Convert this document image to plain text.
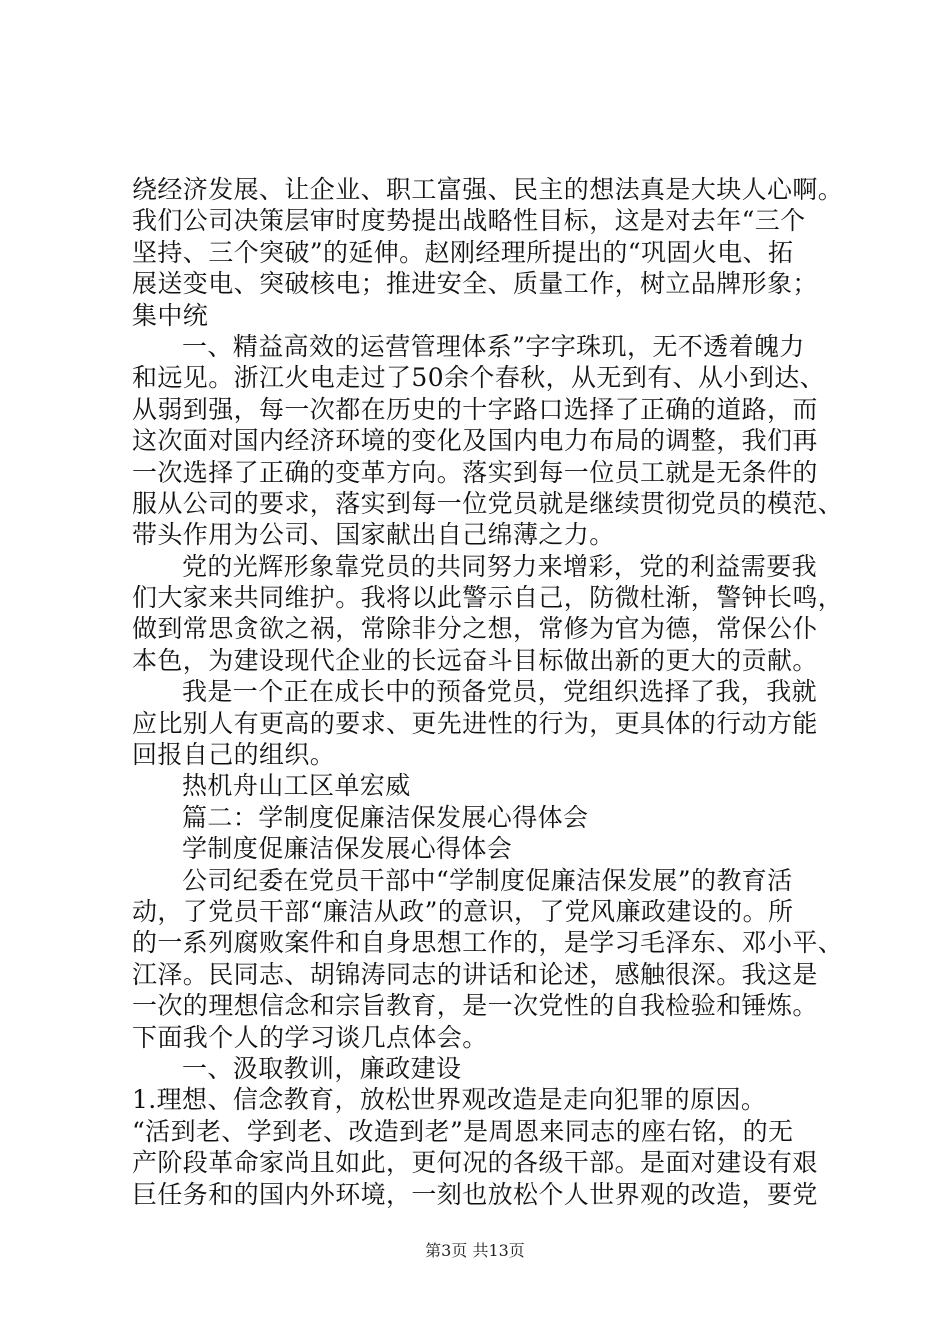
绕经济发展、让企业、职工富强、民主的想法真是大块人心啊。
我们公司决策层审时度势提出战略性目标，这是对去年“三个
坚持、三个突破”的延伸。赵刚经理所提出的“巩固火电、拓
展送变电、突破核电；推进安全、质量工作，树立品牌形象；
集中统
一、精益高效的运营管理体系”字字珠玑，无不透着魄力
和远见。浙江火电走过了50余个春秋，从无到有、从小到达、
从弱到强，每一次都在历史的十字路口选择了正确的道路，而
这次面对国内经济环境的变化及国内电力布局的调整，我们再
一次选择了正确的变革方向。落实到每一位员工就是无条件的
服从公司的要求，落实到每一位党员就是继续贯彻党员的模范、
带头作用为公司、国家献出自己绵薄之力。
党的光辉形象靠党员的共同努力来增彩，党的利益需要我
们大家来共同维护。我将以此警示自己，防微杜渐，警钟长鸣，
做到常思贪欲之祸，常除非分之想，常修为官为德，常保公仆
本色，为建设现代企业的长远奋斗目标做出新的更大的贡献。
我是一个正在成长中的预备党员，党组织选择了我，我就
应比别人有更高的要求、更先进性的行为，更具体的行动方能
回报自己的组织。
热机舟山工区单宏威
篇二：学制度促廉洁保发展心得体会
学制度促廉洁保发展心得体会
公司纪委在党员干部中“学制度促廉洁保发展”的教育活
动，了党员干部“廉洁从政”的意识，了党风廉政建设的。所
的一系列腐败案件和自身思想工作的，是学习毛泽东、邓小平、
江泽。民同志、胡锦涛同志的讲话和论述，感触很深。我这是
一次的理想信念和宗旨教育，是一次党性的自我检验和锤炼。
下面我个人的学习谈几点体会。
一、汲取教训，廉政建设
1.理想、信念教育，放松世界观改造是走向犯罪的原因。
“活到老、学到老、改造到老”是周恩来同志的座右铭，的无
产阶段革命家尚且如此，更何况的各级干部。是面对建设有艰
巨任务和的国内外环境，一刻也放松个人世界观的改造，要党
第3页 共13页
